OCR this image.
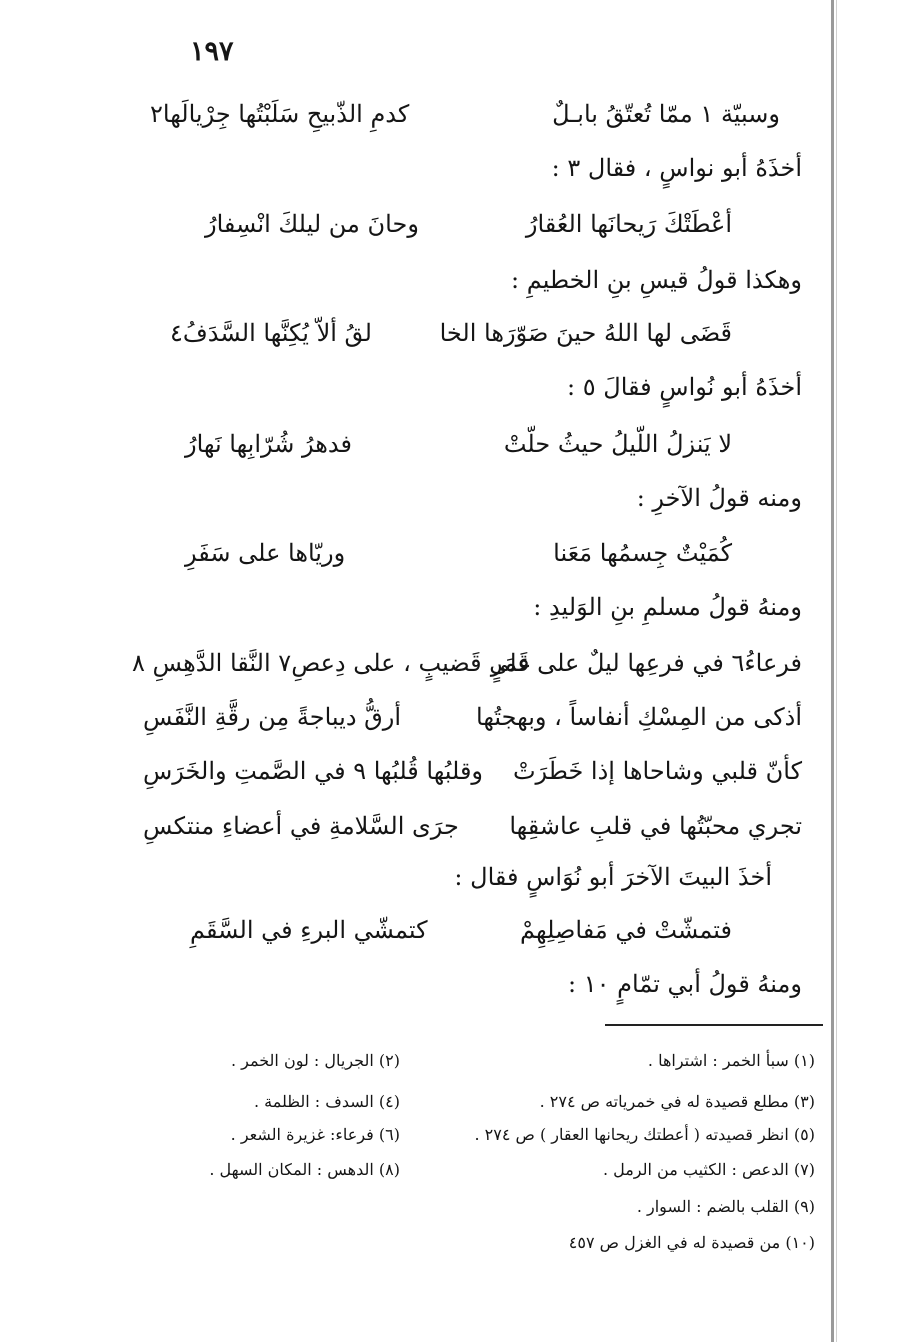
١٩٧
وسبيّة ١ ممّا تُعتّقُ بابـلٌ
كدمِ الذّبيحِ سَلَبْتُها جِرْيالَها٢
أخذَهُ أبو نواسٍ ، فقال ٣ :
أعْطَتْكَ رَيحانَها العُقارُ
وحانَ من ليلكَ انْسِفارُ
وهكذا قولُ قيسِ بنِ الخطيمِ :
قَضَى لها اللهُ حينَ صَوّرَها الخا
لقُ ألاّ يُكِنَّها السَّدَفُ٤
أخذَهُ أبو نُواسٍ فقالَ ٥ :
لا يَنزلُ اللّيلُ حيثُ حلّتْ
فدهرُ شُرّابِها نَهارُ
ومنه قولُ الآخرِ :
كُمَيْتٌ جِسمُها مَعَنا
وريّاها على سَفَرِ
ومنهُ قولُ مسلمِ بنِ الوَليدِ :
فرعاءُ٦ في فرعِها ليلٌ على قَمَرٍ
على قَضيبٍ ، على دِعصِ٧ النَّقا الدَّهِسِ ٨
أذكى من المِسْكِ أنفاساً ، وبهجتُها
أرقُّ ديباجةً مِن رقَّةِ النَّفَسِ
كأنّ قلبي وشاحاها إذا خَطَرَتْ
وقلبُها قُلبُها ٩ في الصَّمتِ والخَرَسِ
تجري محبّتُها في قلبِ عاشقِها
جرَى السَّلامةِ في أعضاءِ منتكسِ
أخذَ البيتَ الآخرَ أبو نُوَاسٍ فقال :
فتمشّتْ في مَفاصِلِهِمْ
كتمشّي البرءِ في السَّقَمِ
ومنهُ قولُ أبي تمّامٍ ١٠ :
(١) سبأ الخمر : اشتراها .
(٢) الجريال : لون الخمر .
(٣) مطلع قصيدة له في خمرياته ص ٢٧٤ .
(٤) السدف : الظلمة .
(٥) انظر قصيدته ( أعطتك ريحانها العقار ) ص ٢٧٤ .
(٦) فرعاء: غزيرة الشعر .
(٧) الدعص : الكثيب من الرمل .
(٨) الدهس : المكان السهل .
(٩) القلب بالضم : السوار .
(١٠) من قصيدة له في الغزل ص ٤٥٧
